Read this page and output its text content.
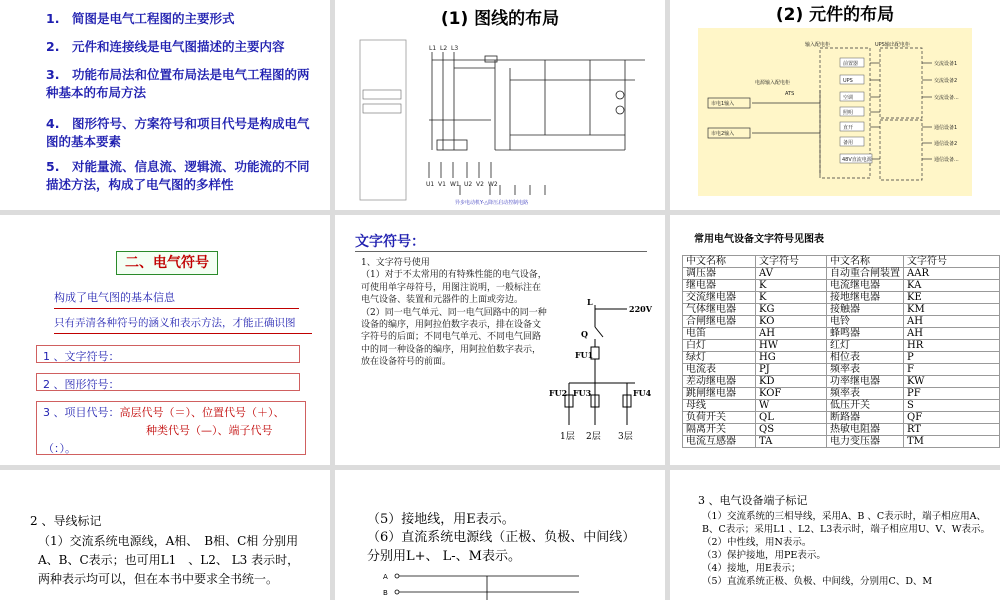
1. 简图是电气工程图的主要形式
2. 元件和连接线是电气图描述的主要内容
3. 功能布局法和位置布局法是电气工程图的两种基本的布局方法
4. 图形符号、方案符号和项目代号是构成电气图的基本要素
5. 对能量流、信息流、逻辑流、功能流的不同描述方法，构成了电气图的多样性
(1) 图线的布局
L1 L2 L3
U1 V1 W1 U2 V2 W2
异步电动机Y-△降压启动控制电路
(2) 元件的布局
输入配电柜	UPS输出配电柜
电源输入配电柜
ATS
市电1输入
市电2输入
前置器
UPS
空调
照明
直开
备用
48V直流电源
交流设备1
交流设备2
交流设备...
通信设备1
通信设备2
通信设备...
二、电气符号
构成了电气图的基本信息
只有弄清各种符号的涵义和表示方法，才能正确识图
1 、文字符号：
2 、图形符号：
3 、项目代号：高层代号（＝）、位置代号（＋）、
种类代号（—）、端子代号
（：）。
文字符号：
1、文字符号使用
（1）对于不太常用的有特殊性能的电气设备，可使用单字母符号，用图注说明，一般标注在电气设备、装置和元器件的上面或旁边。
（2）同一电气单元、同一电气回路中的同一种设备的编序，用阿拉伯数字表示，排在设备文字符号的后面；不同电气单元、不同电气回路中的同一种设备的编序，用阿拉伯数字表示，放在设备符号的前面。
L
220V
Q
FU1
FU2 FU3	FU4
1层 2层 3层
常用电气设备文字符号见图表
中文名称	文字符号	中文名称	文字符号
调压器	AV	自动重合闸装置	AAR
继电器	K	电流继电器	KA
交流继电器	K	接地继电器	KE
气体继电器	KG	接触器	KM
合闸继电器	KO	电铃	AH
电笛	AH	蜂鸣器	AH
白灯	HW	红灯	HR
绿灯	HG	相位表	P
电流表	PJ	频率表	F
差动继电器	KD	功率继电器	KW
跳闸继电器	KOF	频率表	PF
母线	W	低压开关	S
负荷开关	QL	断路器	QF
隔离开关	QS	热敏电阻器	RT
电流互感器	TA	电力变压器	TM
2 、导线标记
（1）交流系统电源线，A相、　B相、C相 分别用A、B、C表示；也可用L1　、L2、 L3 表示时，两种表示均可以，但在本书中要求全书统一。
（5）接地线，用E表示。
（6）直流系统电源线（正极、负极、中间线）分别用L+、 L-、M表示。
A
B
3 、电气设备端子标记
（1）交流系统的三相导线，采用A、B 、C表示时，端子相应用A、B、C表示；采用L1 、L2、L3表示时，端子相应用U、V、W表示。
（2）中性线，用N表示。
（3）保护接地，用PE表示。
（4）接地，用E表示；
（5）直流系统正极、负极、中间线，分别用C、D、M
